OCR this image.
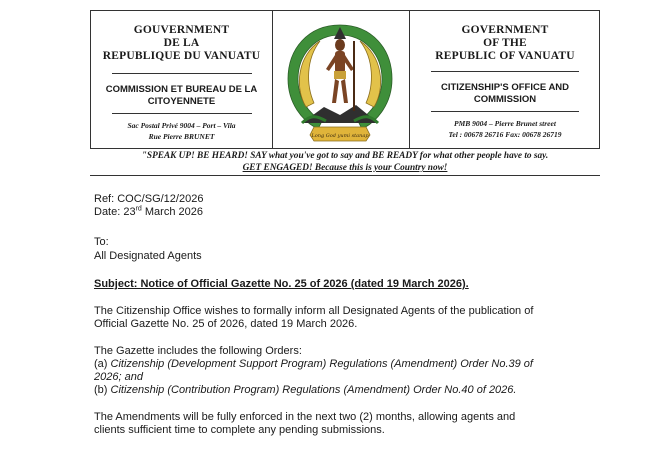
GOUVERNMENT
DE LA
REPUBLIQUE DU VANUATU
COMMISSION ET BUREAU DE LA
CITOYENNETE
Sac Postal Privé 9004 – Port – Vila
Rue Pierre BRUNET	Long God yumi stanap
GOVERNMENT
OF THE
REPUBLIC OF VANUATU
CITIZENSHIP'S OFFICE AND
COMMISSION
PMB 9004 – Pierre Brunet street
Tel : 00678 26716 Fax: 00678 26719
"SPEAK UP! BE HEARD! SAY what you've got to say and BE READY for what other people have to say.
GET ENGAGED! Because this is your Country now!
Ref: COC/SG/12/2026
Date: 23rd March 2026
To:
All Designated Agents
Subject: Notice of Official Gazette No. 25 of 2026 (dated 19 March 2026).
The Citizenship Office wishes to formally inform all Designated Agents of the publication of
Official Gazette No. 25 of 2026, dated 19 March 2026.
The Gazette includes the following Orders:
(a) Citizenship (Development Support Program) Regulations (Amendment) Order No.39 of
2026; and
(b) Citizenship (Contribution Program) Regulations (Amendment) Order No.40 of 2026.
The Amendments will be fully enforced in the next two (2) months, allowing agents and
clients sufficient time to complete any pending submissions.
